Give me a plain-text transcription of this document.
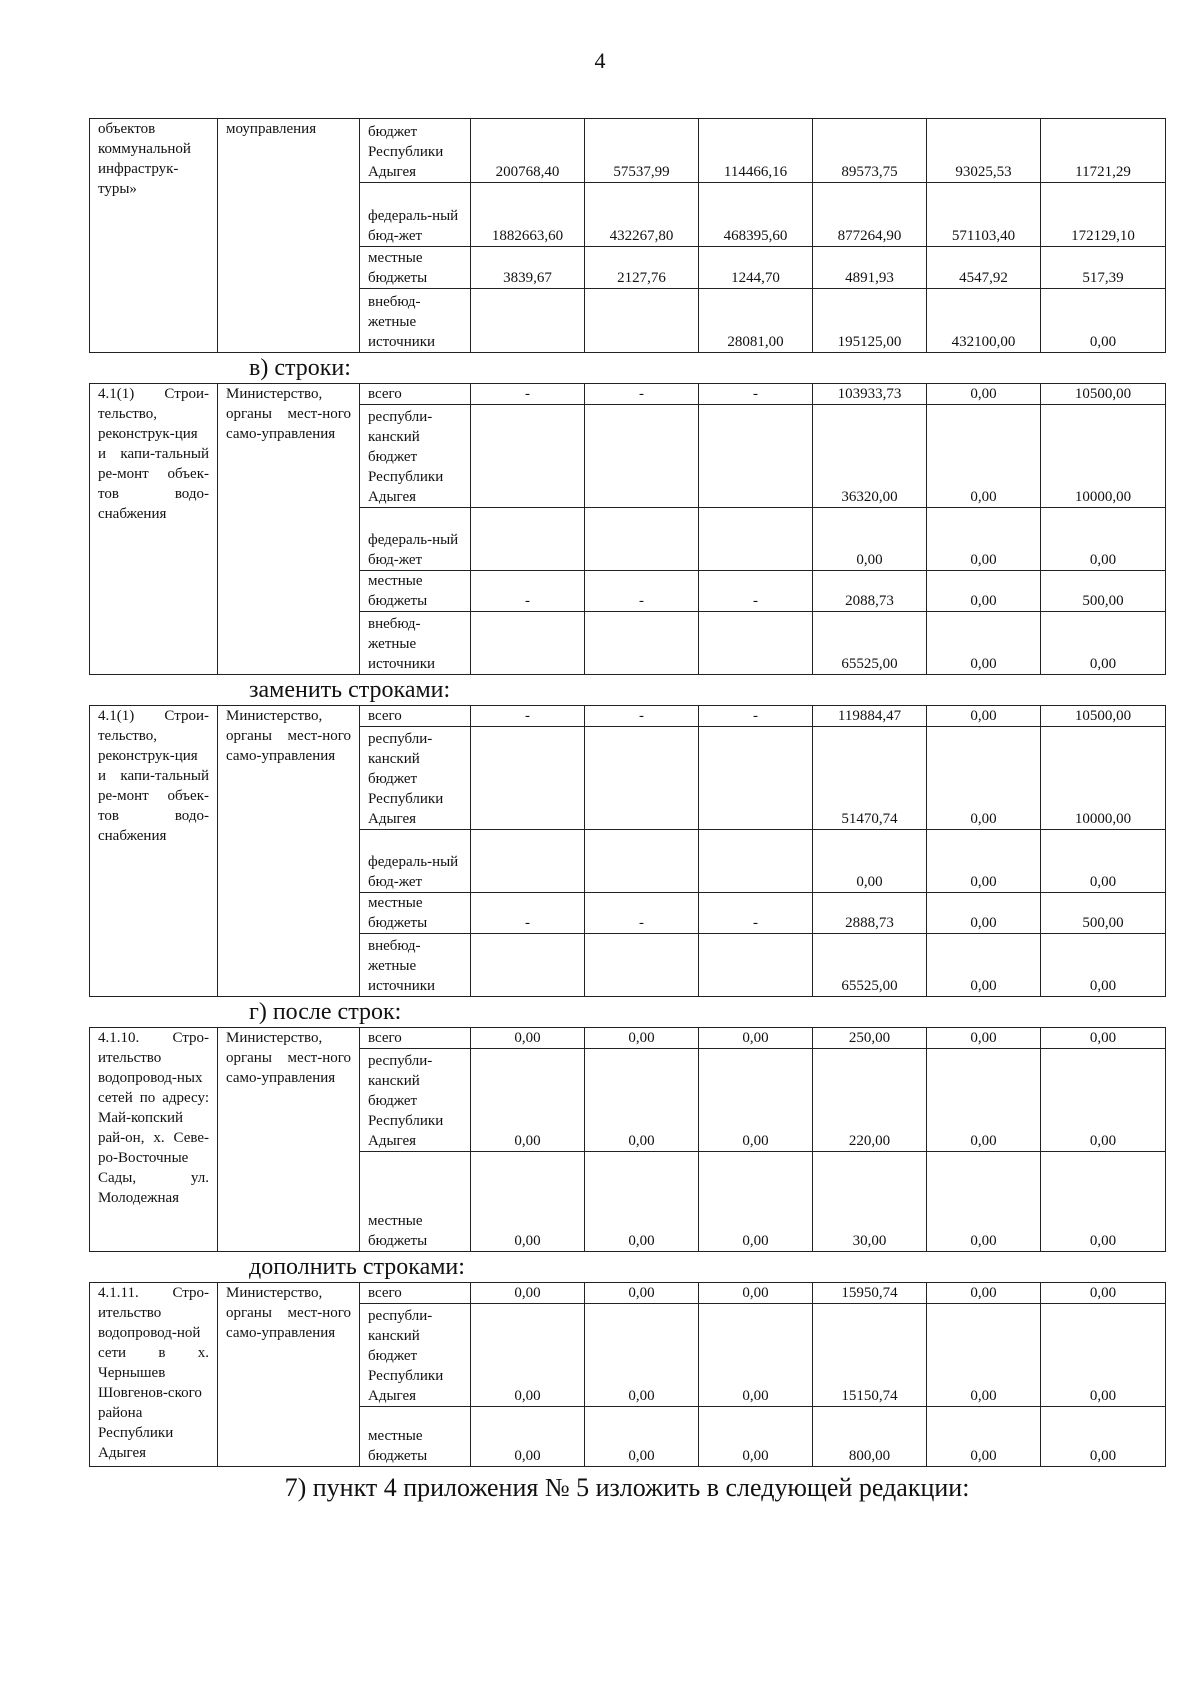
4
объектов коммунальной инфраструк-туры»	моуправления	бюджет Республики Адыгея	200768,40	57537,99	114466,16	89573,75	93025,53	11721,29
		федераль-ный бюд-жет	1882663,60	432267,80	468395,60	877264,90	571103,40	172129,10
		местные бюджеты	3839,67	2127,76	1244,70	4891,93	4547,92	517,39
		внебюд-жетные источники			28081,00	195125,00	432100,00	0,00
в) строки:
4.1(1) Строи-тельство, реконструк-ция и капи-тальный ре-монт объек-тов водо-снабжения	Министерство, органы мест-ного само-управления	всего	-	-	-	103933,73	0,00	10500,00
		республи-канский бюджет Республики Адыгея				36320,00	0,00	10000,00
		федераль-ный бюд-жет				0,00	0,00	0,00
		местные бюджеты	-	-	-	2088,73	0,00	500,00
		внебюд-жетные источники				65525,00	0,00	0,00
заменить строками:
4.1(1) Строи-тельство, реконструк-ция и капи-тальный ре-монт объек-тов водо-снабжения	Министерство, органы мест-ного само-управления	всего	-	-	-	119884,47	0,00	10500,00
		республи-канский бюджет Республики Адыгея				51470,74	0,00	10000,00
		федераль-ный бюд-жет				0,00	0,00	0,00
		местные бюджеты	-	-	-	2888,73	0,00	500,00
		внебюд-жетные источники				65525,00	0,00	0,00
г) после строк:
4.1.10. Стро-ительство водопровод-ных сетей по адресу: Май-копский рай-он, х. Севе-ро-Восточные Сады, ул. Молодежная	Министерство, органы мест-ного само-управления	всего	0,00	0,00	0,00	250,00	0,00	0,00
		республи-канский бюджет Республики Адыгея	0,00	0,00	0,00	220,00	0,00	0,00
		местные бюджеты	0,00	0,00	0,00	30,00	0,00	0,00
дополнить строками:
4.1.11. Стро-ительство водопровод-ной сети в х. Чернышев Шовгенов-ского района Республики Адыгея	Министерство, органы мест-ного само-управления	всего	0,00	0,00	0,00	15950,74	0,00	0,00
		республи-канский бюджет Республики Адыгея	0,00	0,00	0,00	15150,74	0,00	0,00
		местные бюджеты	0,00	0,00	0,00	800,00	0,00	0,00
7) пункт 4 приложения № 5 изложить в следующей редакции:
